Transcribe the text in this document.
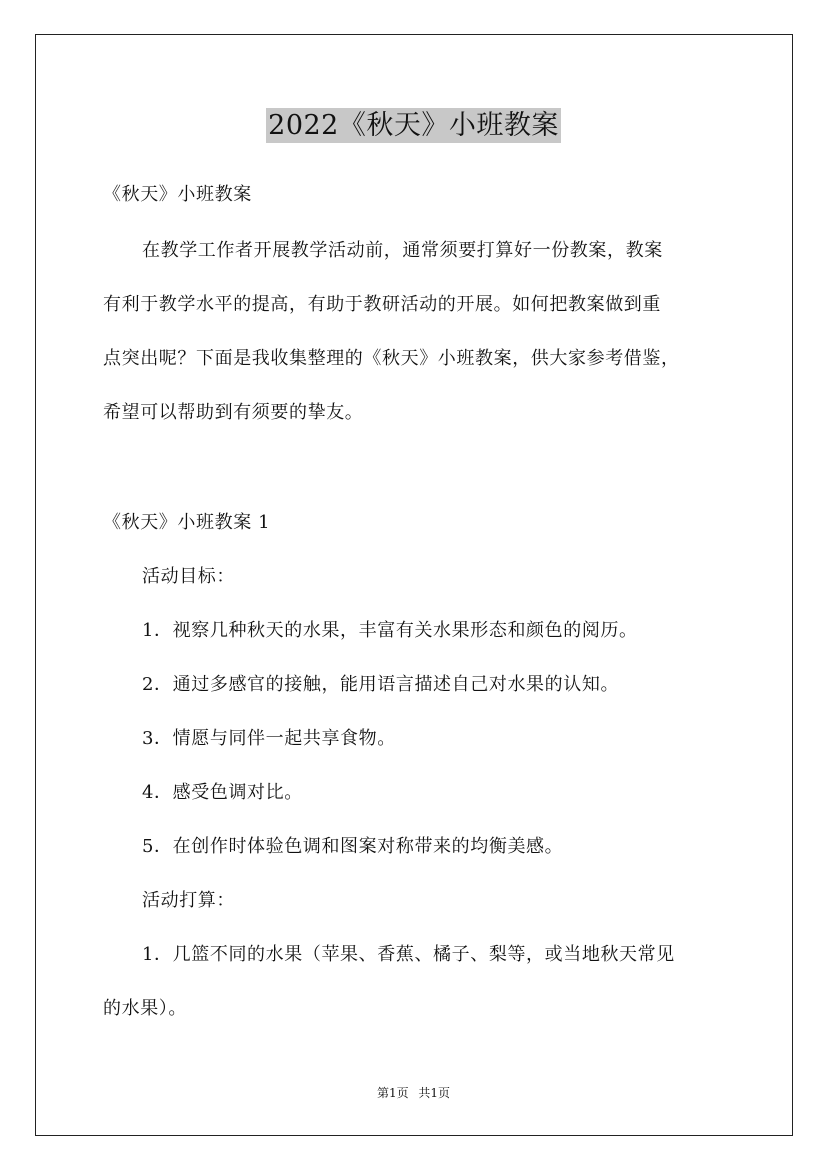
2022《秋天》小班教案
《秋天》小班教案
在教学工作者开展教学活动前，通常须要打算好一份教案，教案
有利于教学水平的提高，有助于教研活动的开展。如何把教案做到重
点突出呢？下面是我收集整理的《秋天》小班教案，供大家参考借鉴，
希望可以帮助到有须要的挚友。
《秋天》小班教案 1
活动目标：
1．视察几种秋天的水果，丰富有关水果形态和颜色的阅历。
2．通过多感官的接触，能用语言描述自己对水果的认知。
3．情愿与同伴一起共享食物。
4．感受色调对比。
5．在创作时体验色调和图案对称带来的均衡美感。
活动打算：
1．几篮不同的水果（苹果、香蕉、橘子、梨等，或当地秋天常见
的水果）。
第1页 共1页
